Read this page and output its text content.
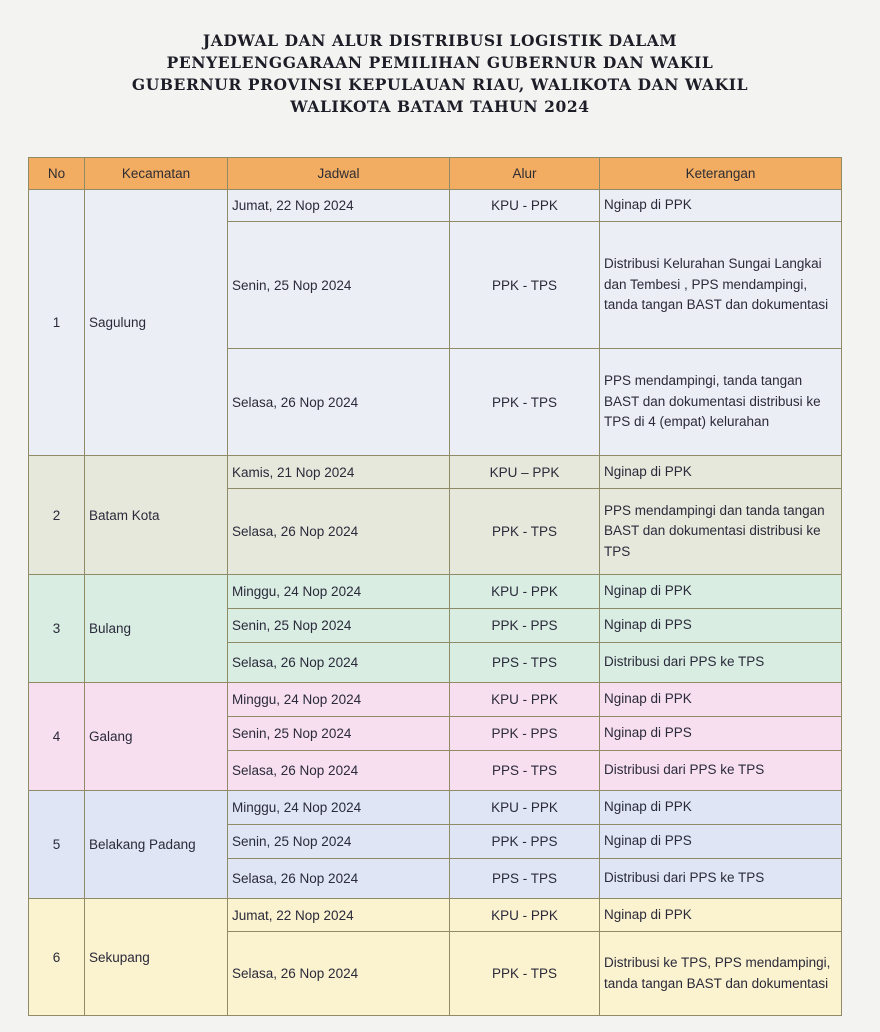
JADWAL DAN ALUR DISTRIBUSI LOGISTIK DALAM
PENYELENGGARAAN PEMILIHAN GUBERNUR DAN WAKIL
GUBERNUR PROVINSI KEPULAUAN RIAU, WALIKOTA DAN WAKIL
WALIKOTA BATAM TAHUN 2024
No	Kecamatan	Jadwal	Alur	Keterangan
1	Sagulung	Jumat, 22 Nop 2024	KPU - PPK	Nginap di PPK
		Senin, 25 Nop 2024	PPK - TPS	Distribusi Kelurahan Sungai Langkai dan Tembesi , PPS mendampingi, tanda tangan BAST dan dokumentasi
		Selasa, 26 Nop 2024	PPK - TPS	PPS mendampingi, tanda tangan BAST dan dokumentasi distribusi ke TPS di 4 (empat) kelurahan
2	Batam Kota	Kamis, 21 Nop 2024	KPU – PPK	Nginap di PPK
		Selasa, 26 Nop 2024	PPK - TPS	PPS mendampingi dan tanda tangan BAST dan dokumentasi distribusi ke TPS
3	Bulang	Minggu, 24 Nop 2024	KPU - PPK	Nginap di PPK
		Senin, 25 Nop 2024	PPK - PPS	Nginap di PPS
		Selasa, 26 Nop 2024	PPS - TPS	Distribusi dari PPS ke TPS
4	Galang	Minggu, 24 Nop 2024	KPU - PPK	Nginap di PPK
		Senin, 25 Nop 2024	PPK - PPS	Nginap di PPS
		Selasa, 26 Nop 2024	PPS - TPS	Distribusi dari PPS ke TPS
5	Belakang Padang	Minggu, 24 Nop 2024	KPU - PPK	Nginap di PPK
		Senin, 25 Nop 2024	PPK - PPS	Nginap di PPS
		Selasa, 26 Nop 2024	PPS - TPS	Distribusi dari PPS ke TPS
6	Sekupang	Jumat, 22 Nop 2024	KPU - PPK	Nginap di PPK
		Selasa, 26 Nop 2024	PPK - TPS	Distribusi ke TPS, PPS mendampingi, tanda tangan BAST dan dokumentasi
